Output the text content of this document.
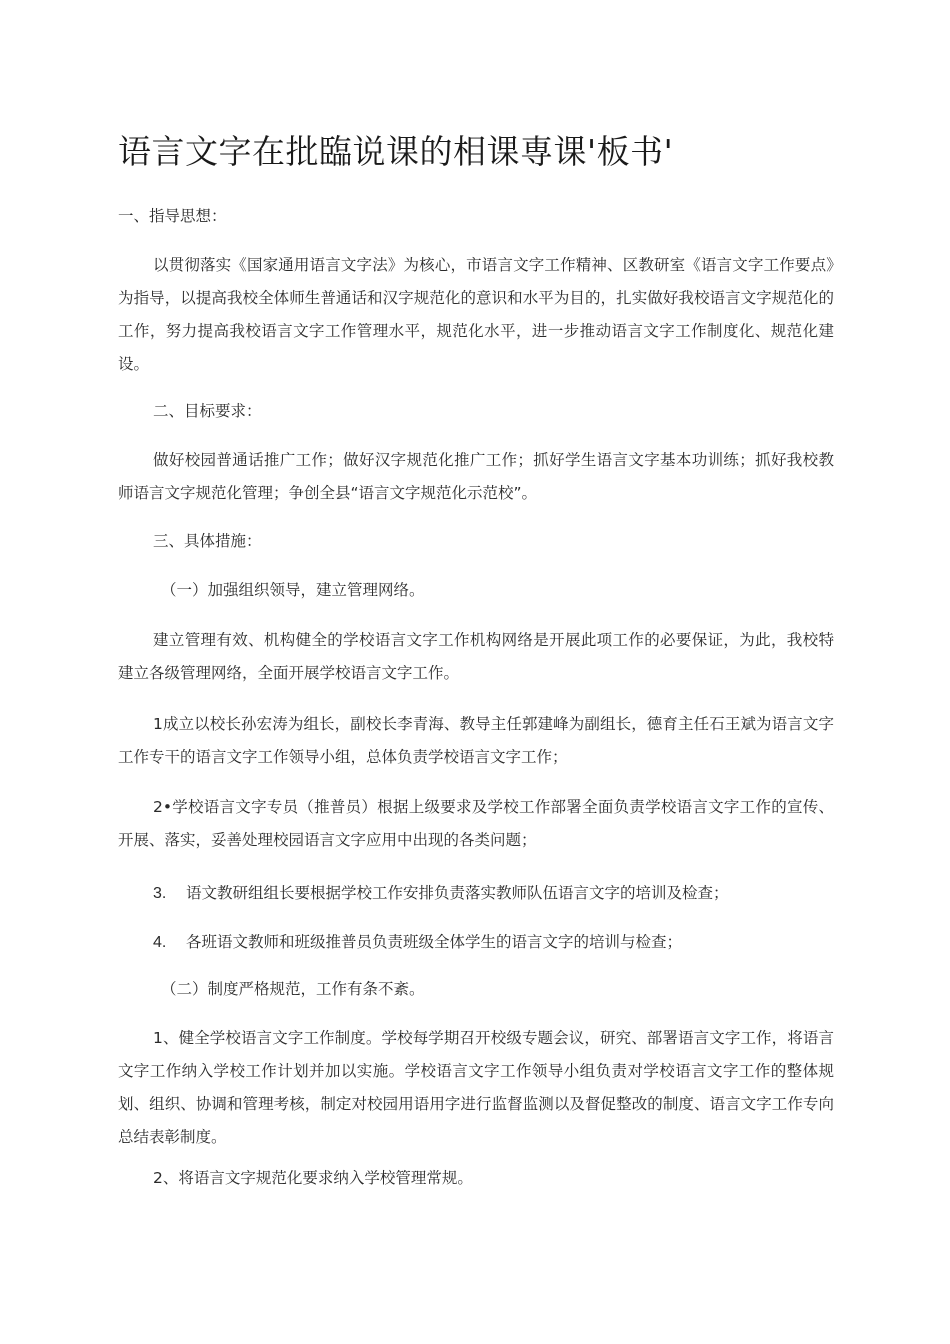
语言文字在批臨说课的相课専课'板书'
一、指导思想：
以贯彻落实《国家通用语言文字法》为核心，市语言文字工作精神、区教研室《语言文字工作要点》为指导，以提高我校全体师生普通话和汉字规范化的意识和水平为目的，扎实做好我校语言文字规范化的工作，努力提高我校语言文字工作管理水平，规范化水平，进一步推动语言文字工作制度化、规范化建设。
二、目标要求：
做好校园普通话推广工作；做好汉字规范化推广工作；抓好学生语言文字基本功训练；抓好我校教师语言文字规范化管理；争创全县“语言文字规范化示范校”。
三、具体措施：
（一）加强组织领导，建立管理网络。
建立管理有效、机构健全的学校语言文字工作机构网络是开展此项工作的必要保证，为此，我校特建立各级管理网络，全面开展学校语言文字工作。
1成立以校长孙宏涛为组长，副校长李青海、教导主任郭建峰为副组长，德育主任石王斌为语言文字工作专干的语言文字工作领导小组，总体负责学校语言文字工作；
2•学校语言文字专员（推普员）根据上级要求及学校工作部署全面负责学校语言文字工作的宣传、开展、落实，妥善处理校园语言文字应用中出现的各类问题；
3. 语文教研组组长要根据学校工作安排负责落实教师队伍语言文字的培训及检查；
4. 各班语文教师和班级推普员负责班级全体学生的语言文字的培训与检查；
（二）制度严格规范，工作有条不紊。
1、健全学校语言文字工作制度。学校每学期召开校级专题会议，研究、部署语言文字工作，将语言文字工作纳入学校工作计划并加以实施。学校语言文字工作领导小组负责对学校语言文字工作的整体规划、组织、协调和管理考核，制定对校园用语用字进行监督监测以及督促整改的制度、语言文字工作专向总结表彰制度。
2、将语言文字规范化要求纳入学校管理常规。
